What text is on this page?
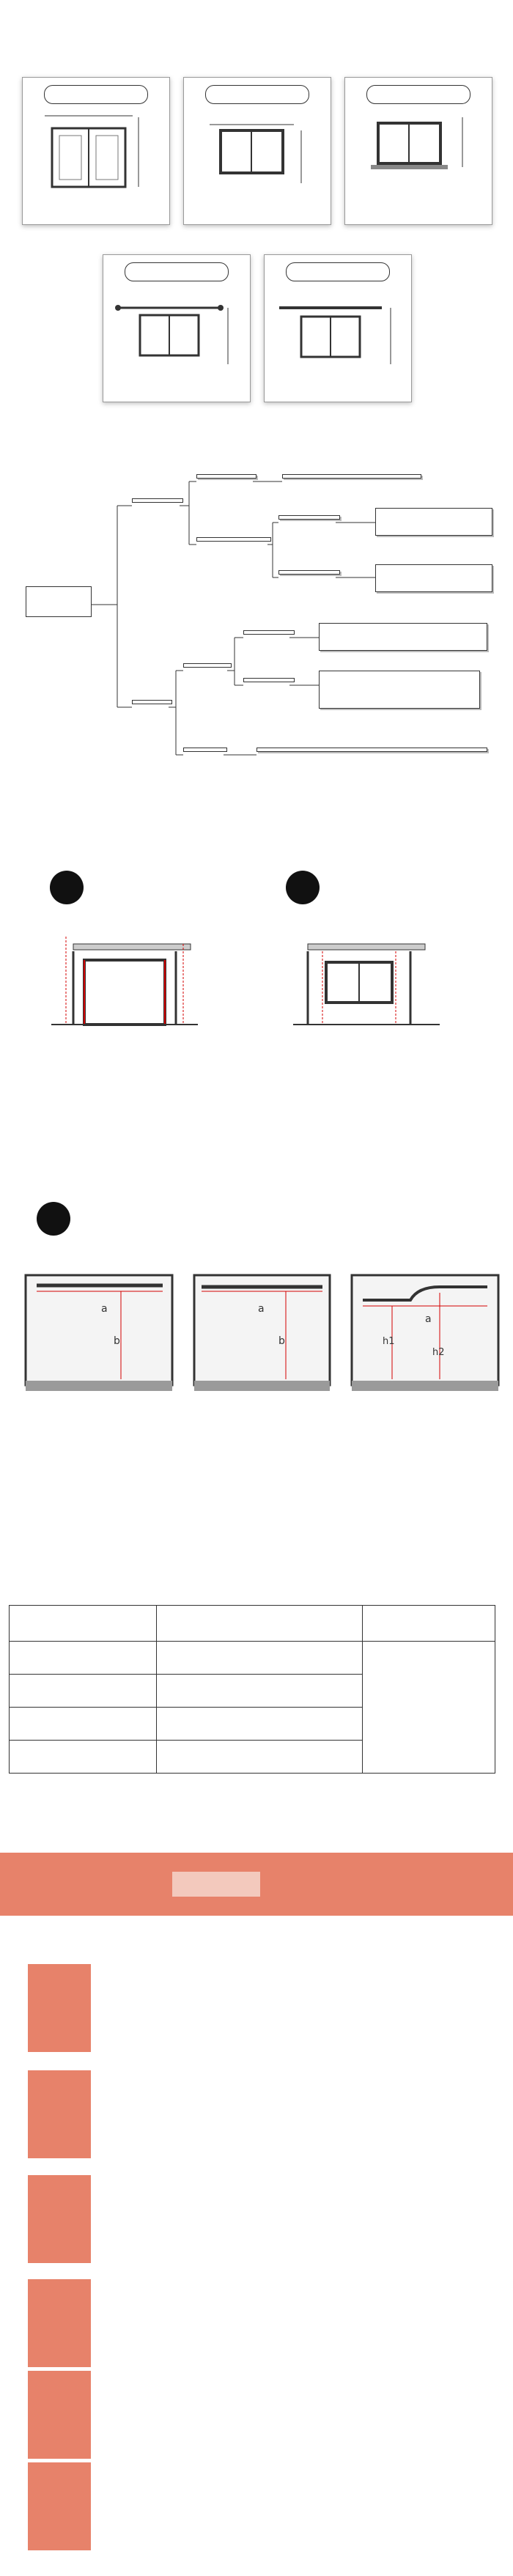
a
b
a
b
a
h1
h2
